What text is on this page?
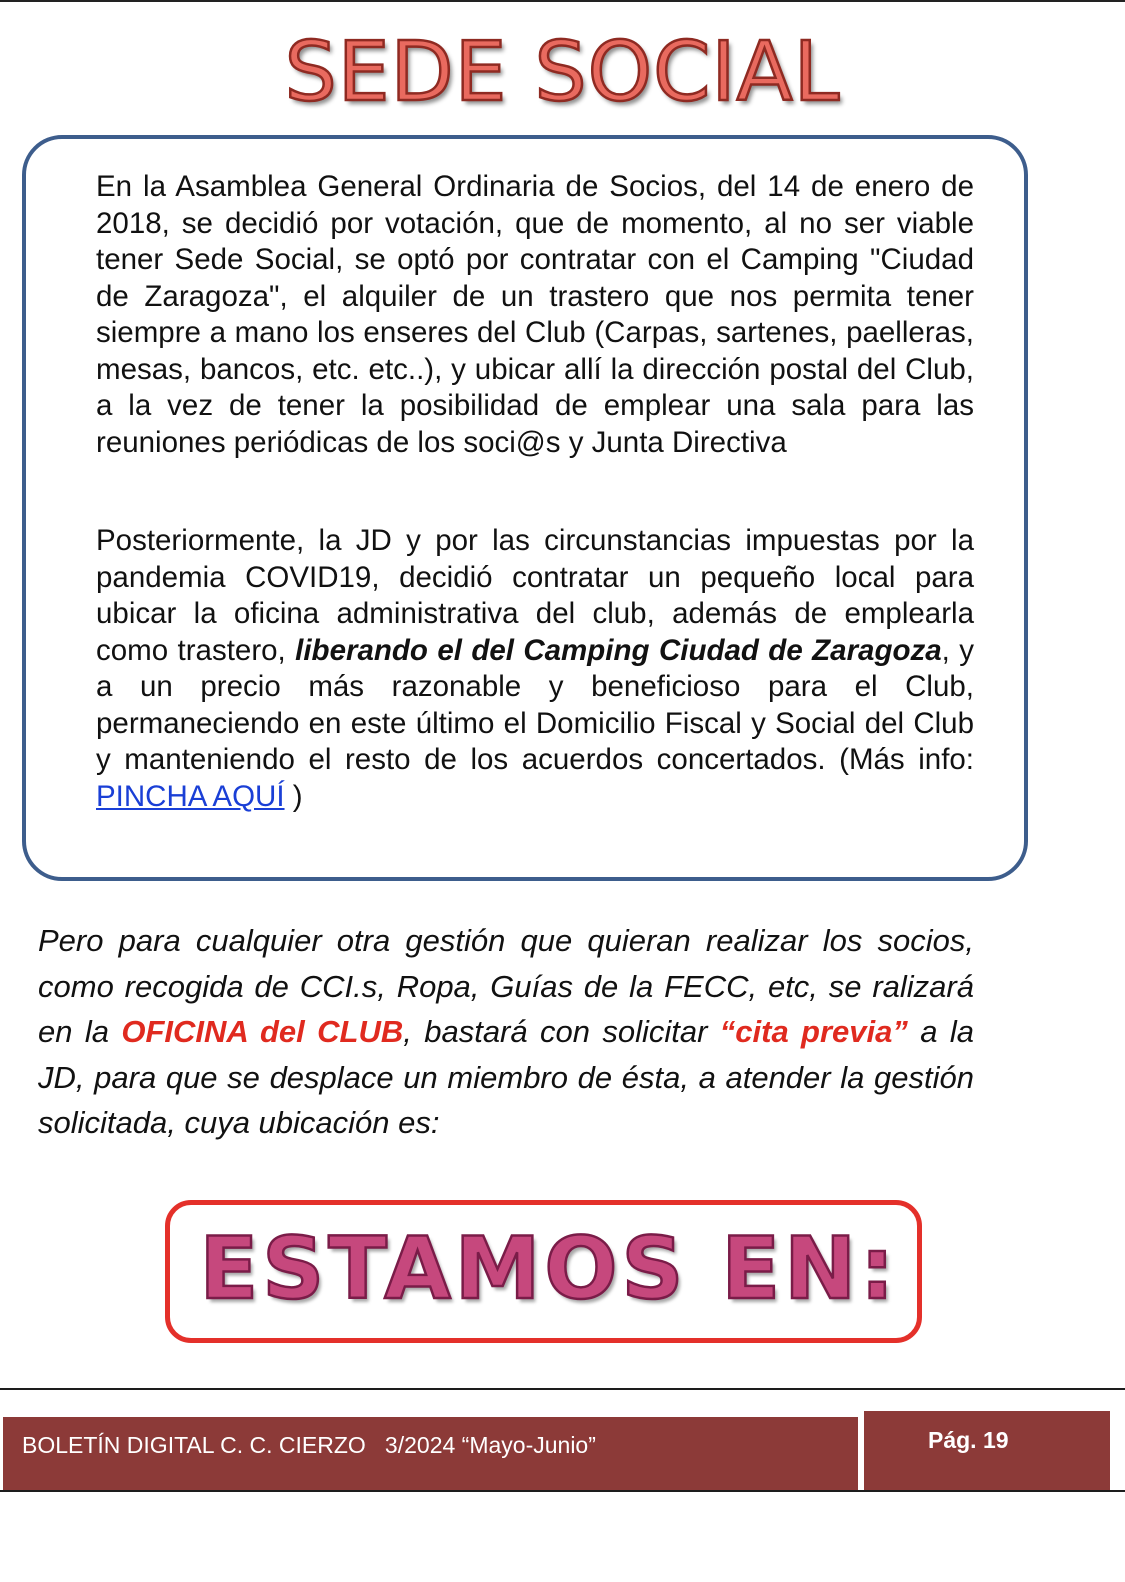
SEDE SOCIAL

En la Asamblea General Ordinaria de Socios, del 14 de enero de 2018, se decidió por votación, que de momento, al no ser viable tener Sede Social, se optó por contratar con el Camping "Ciudad de Zaragoza", el alquiler de un trastero que nos permita tener siempre a mano los enseres del Club (Carpas, sartenes, paelleras, mesas, bancos, etc. etc..), y ubicar allí la dirección postal del Club, a la vez de tener la posibilidad de emplear una sala para las reuniones periódicas de los soci@s y Junta Directiva

Posteriormente, la JD y por las circunstancias impuestas por la pandemia COVID19, decidió contratar un pequeño local para ubicar la oficina administrativa del club, además de emplearla como trastero, liberando el del Camping Ciudad de Zaragoza, y a un precio más razonable y beneficioso para el Club, permaneciendo en este último el Domicilio Fiscal y Social del Club y manteniendo el resto de los acuerdos concertados. (Más info: PINCHA AQUÍ )

Pero para cualquier otra gestión que quieran realizar los socios, como recogida de CCI.s, Ropa, Guías de la FECC, etc, se ralizará en la OFICINA del CLUB, bastará con solicitar “cita previa” a la JD, para que se desplace un miembro de ésta, a atender la gestión solicitada, cuya ubicación es:

ESTAMOS EN:
BOLETÍN DIGITAL C. C. CIERZO   3/2024 “Mayo-Junio”	Pág. 19
